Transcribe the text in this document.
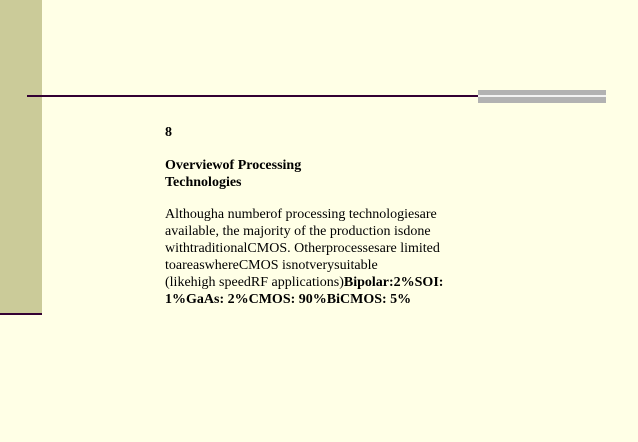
8
Overviewof Processing
Technologies
Althougha numberof processing technologiesare
available, the majority of the production isdone
withtraditionalCMOS. Otherprocessesare limited
toareaswhereCMOS isnotverysuitable
(likehigh speedRF applications)Bipolar:2%SOI:
1%GaAs: 2%CMOS: 90%BiCMOS: 5%
